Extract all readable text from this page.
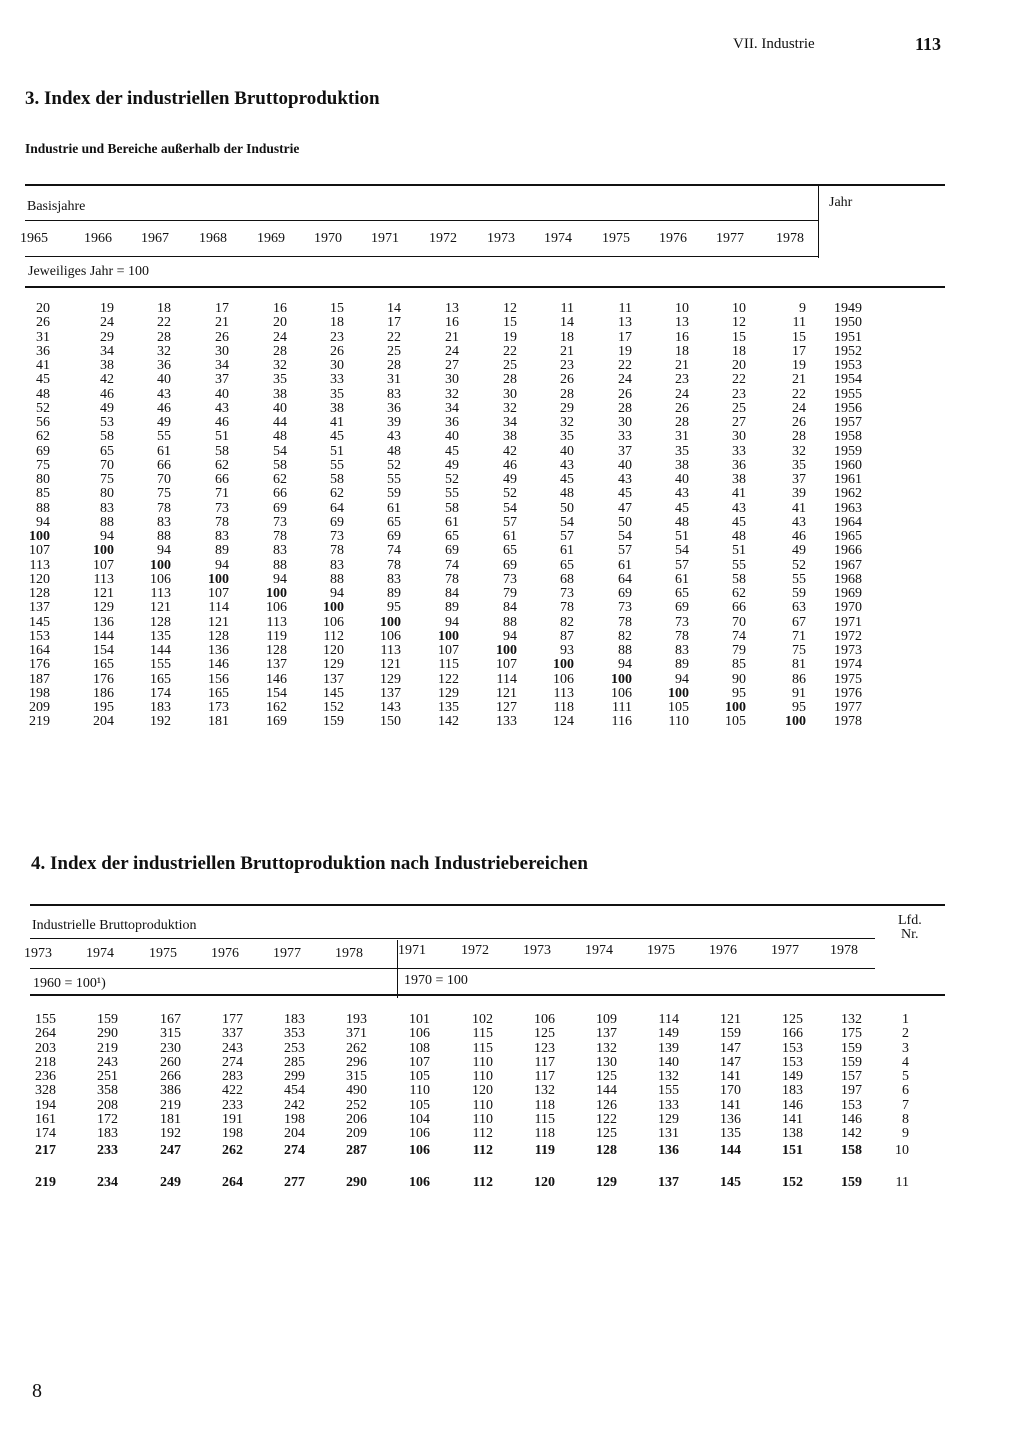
VII. Industrie	113
3. Index der industriellen Bruttoproduktion
Industrie und Bereiche außerhalb der Industrie
Basisjahre	Jahr
1965	1966	1967	1968	1969	1970	1971	1972	1973	1974	1975	1976	1977	1978
Jeweiliges Jahr = 100
20	19	18	17	16	15	14	13	12	11	11	10	10	9 1949
26	24	22	21	20	18	17	16	15	14	13	13	12	11 1950
31	29	28	26	24	23	22	21	19	18	17	16	15	15 1951
36	34	32	30	28	26	25	24	22	21	19	18	18	17 1952
41	38	36	34	32	30	28	27	25	23	22	21	20	19 1953
45	42	40	37	35	33	31	30	28	26	24	23	22	21 1954
48	46	43	40	38	35	83	32	30	28	26	24	23	22 1955
52	49	46	43	40	38	36	34	32	29	28	26	25	24 1956
56	53	49	46	44	41	39	36	34	32	30	28	27	26 1957
62	58	55	51	48	45	43	40	38	35	33	31	30	28 1958
69	65	61	58	54	51	48	45	42	40	37	35	33	32 1959
75	70	66	62	58	55	52	49	46	43	40	38	36	35 1960
80	75	70	66	62	58	55	52	49	45	43	40	38	37 1961
85	80	75	71	66	62	59	55	52	48	45	43	41	39 1962
88	83	78	73	69	64	61	58	54	50	47	45	43	41 1963
94	88	83	78	73	69	65	61	57	54	50	48	45	43 1964
100	94	88	83	78	73	69	65	61	57	54	51	48	46 1965
107	100	94	89	83	78	74	69	65	61	57	54	51	49 1966
113	107	100	94	88	83	78	74	69	65	61	57	55	52 1967
120	113	106	100	94	88	83	78	73	68	64	61	58	55 1968
128	121	113	107	100	94	89	84	79	73	69	65	62	59 1969
137	129	121	114	106	100	95	89	84	78	73	69	66	63 1970
145	136	128	121	113	106	100	94	88	82	78	73	70	67 1971
153	144	135	128	119	112	106	100	94	87	82	78	74	71 1972
164	154	144	136	128	120	113	107	100	93	88	83	79	75 1973
176	165	155	146	137	129	121	115	107	100	94	89	85	81 1974
187	176	165	156	146	137	129	122	114	106	100	94	90	86 1975
198	186	174	165	154	145	137	129	121	113	106	100	95	91 1976
209	195	183	173	162	152	143	135	127	118	111	105	100	95 1977
219	204	192	181	169	159	150	142	133	124	116	110	105	100 1978
4. Index der industriellen Bruttoproduktion nach Industriebereichen
Industrielle Bruttoproduktion	Lfd.
Nr.
1973	1974	1975	1976	1977	1978	1971	1972	1973	1974	1975	1976	1977	1978
1960 = 100¹)	1970 = 100
155	159	167	177	183	193	101	102	106	109	114	121	125	132	1
264	290	315	337	353	371	106	115	125	137	149	159	166	175	2
203	219	230	243	253	262	108	115	123	132	139	147	153	159	3
218	243	260	274	285	296	107	110	117	130	140	147	153	159	4
236	251	266	283	299	315	105	110	117	125	132	141	149	157	5
328	358	386	422	454	490	110	120	132	144	155	170	183	197	6
194	208	219	233	242	252	105	110	118	126	133	141	146	153	7
161	172	181	191	198	206	104	110	115	122	129	136	141	146	8
174	183	192	198	204	209	106	112	118	125	131	135	138	142	9
217	233	247	262	274	287	106	112	119	128	136	144	151	158	10
219	234	249	264	277	290	106	112	120	129	137	145	152	159	11
8
